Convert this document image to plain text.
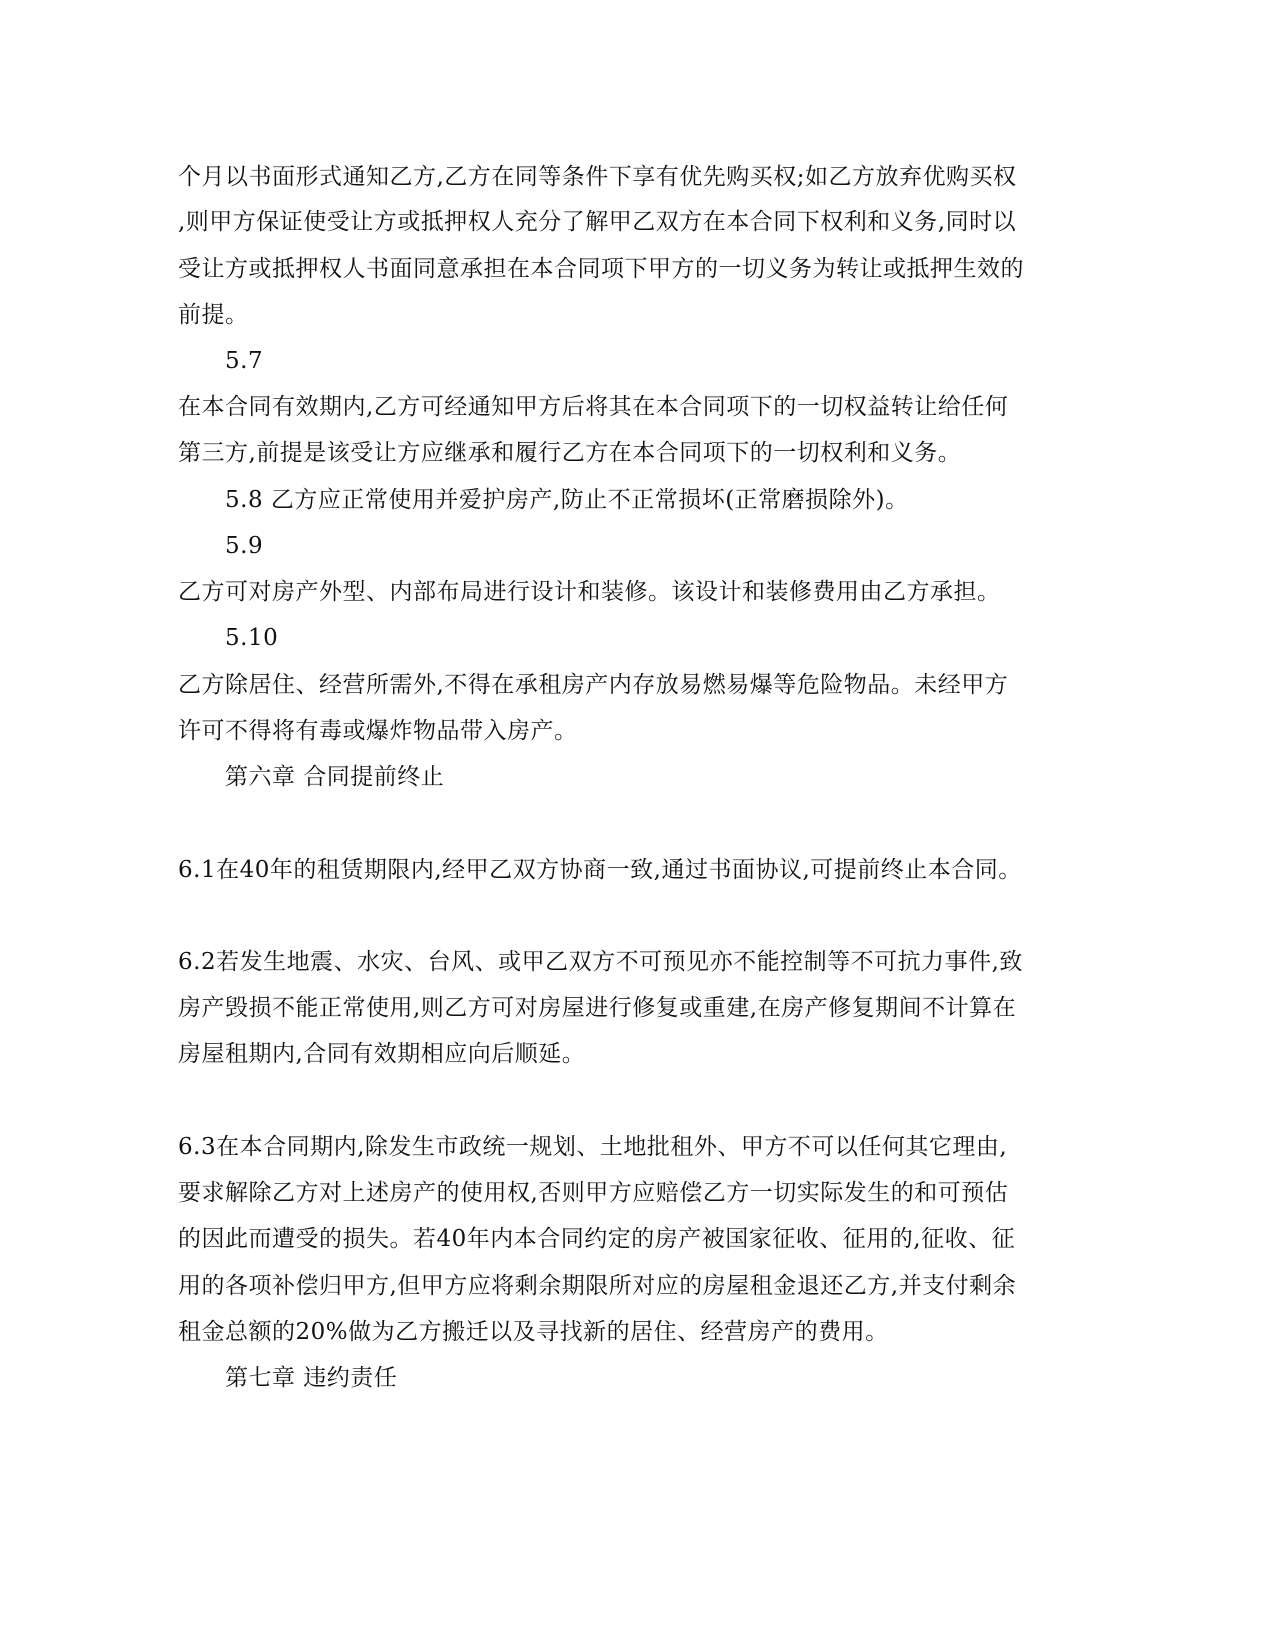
个月以书面形式通知乙方,乙方在同等条件下享有优先购买权;如乙方放弃优购买权
,则甲方保证使受让方或抵押权人充分了解甲乙双方在本合同下权利和义务,同时以
受让方或抵押权人书面同意承担在本合同项下甲方的一切义务为转让或抵押生效的
前提。
5.7
在本合同有效期内,乙方可经通知甲方后将其在本合同项下的一切权益转让给任何
第三方,前提是该受让方应继承和履行乙方在本合同项下的一切权利和义务。
5.8 乙方应正常使用并爱护房产,防止不正常损坏(正常磨损除外)。
5.9
乙方可对房产外型、内部布局进行设计和装修。该设计和装修费用由乙方承担。
5.10
乙方除居住、经营所需外,不得在承租房产内存放易燃易爆等危险物品。未经甲方
许可不得将有毒或爆炸物品带入房产。
第六章 合同提前终止
6.1在40年的租赁期限内,经甲乙双方协商一致,通过书面协议,可提前终止本合同。
6.2若发生地震、水灾、台风、或甲乙双方不可预见亦不能控制等不可抗力事件,致
房产毁损不能正常使用,则乙方可对房屋进行修复或重建,在房产修复期间不计算在
房屋租期内,合同有效期相应向后顺延。
6.3在本合同期内,除发生市政统一规划、土地批租外、甲方不可以任何其它理由,
要求解除乙方对上述房产的使用权,否则甲方应赔偿乙方一切实际发生的和可预估
的因此而遭受的损失。若40年内本合同约定的房产被国家征收、征用的,征收、征
用的各项补偿归甲方,但甲方应将剩余期限所对应的房屋租金退还乙方,并支付剩余
租金总额的20%做为乙方搬迁以及寻找新的居住、经营房产的费用。
第七章 违约责任
